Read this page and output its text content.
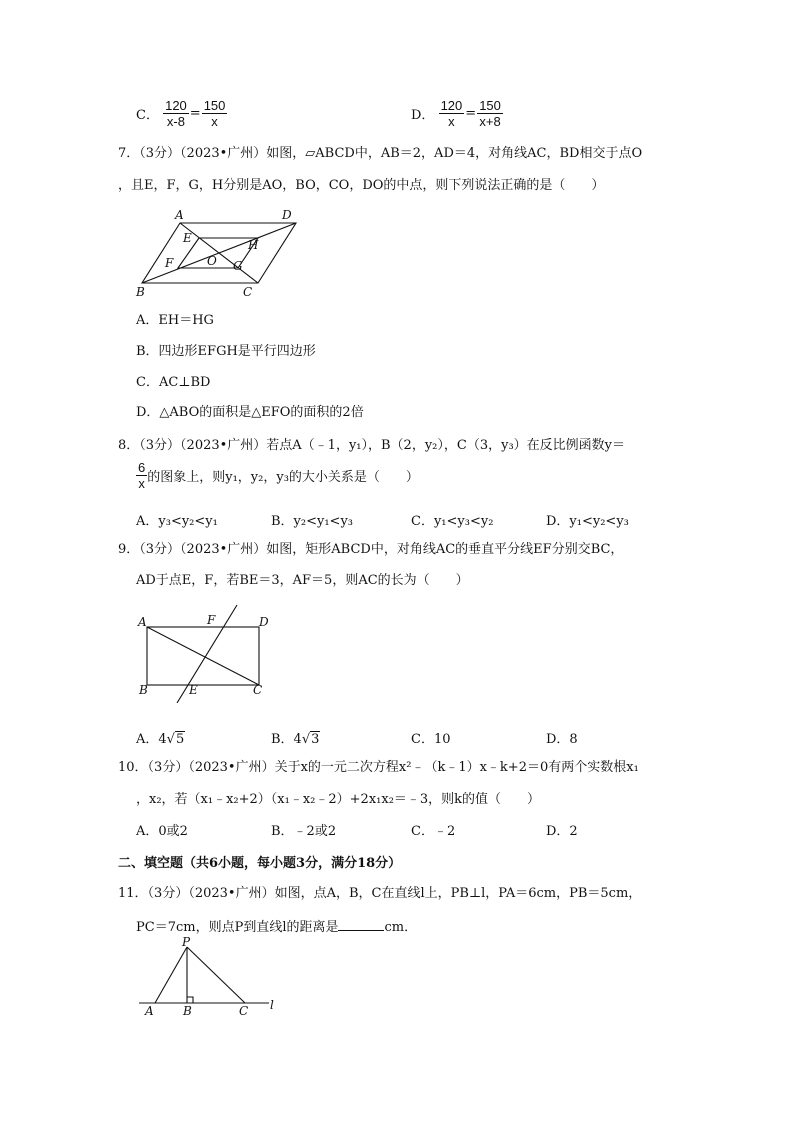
C． $\frac{120}{x-8} = \frac{150}{x}$	D． $\frac{120}{x} = \frac{150}{x+8}$
7．（3分）（2023•广州）如图，▱ABCD中，AB＝2，AD＝4，对角线AC，BD相交于点O
，且E，F，G，H分别是AO，BO，CO，DO的中点，则下列说法正确的是（　　）
A	D
B	C
E
F	G
H
O
A．EH＝HG
B．四边形EFGH是平行四边形
C．AC⊥BD
D．△ABO的面积是△EFO的面积的2倍
8．（3分）（2023•广州）若点A（﹣1，y₁），B（2，y₂），C（3，y₃）在反比例函数y＝
$\frac{6}{x}$ 的图象上，则y₁，y₂，y₃的大小关系是（　　）
A．y₃<y₂<y₁	B．y₂<y₁<y₃	C．y₁<y₃<y₂	D．y₁<y₂<y₃
9．（3分）（2023•广州）如图，矩形ABCD中，对角线AC的垂直平分线EF分别交BC，
AD于点E，F，若BE＝3，AF＝5，则AC的长为（　　）
A	F	D
B	E	C
A．4√5	B．4√3	C．10	D．8
10．（3分）（2023•广州）关于x的一元二次方程x²﹣（k﹣1）x﹣k+2＝0有两个实数根x₁
，x₂，若（x₁﹣x₂+2）（x₁﹣x₂﹣2）+2x₁x₂＝﹣3，则k的值（　　）
A．0或2	B．﹣2或2	C．﹣2	D．2
二、填空题（共6小题，每小题3分，满分18分）
11．（3分）（2023•广州）如图，点A，B，C在直线l上，PB⊥l，PA＝6cm，PB＝5cm，
PC＝7cm，则点P到直线l的距离是	cm．
P
A B	C l
